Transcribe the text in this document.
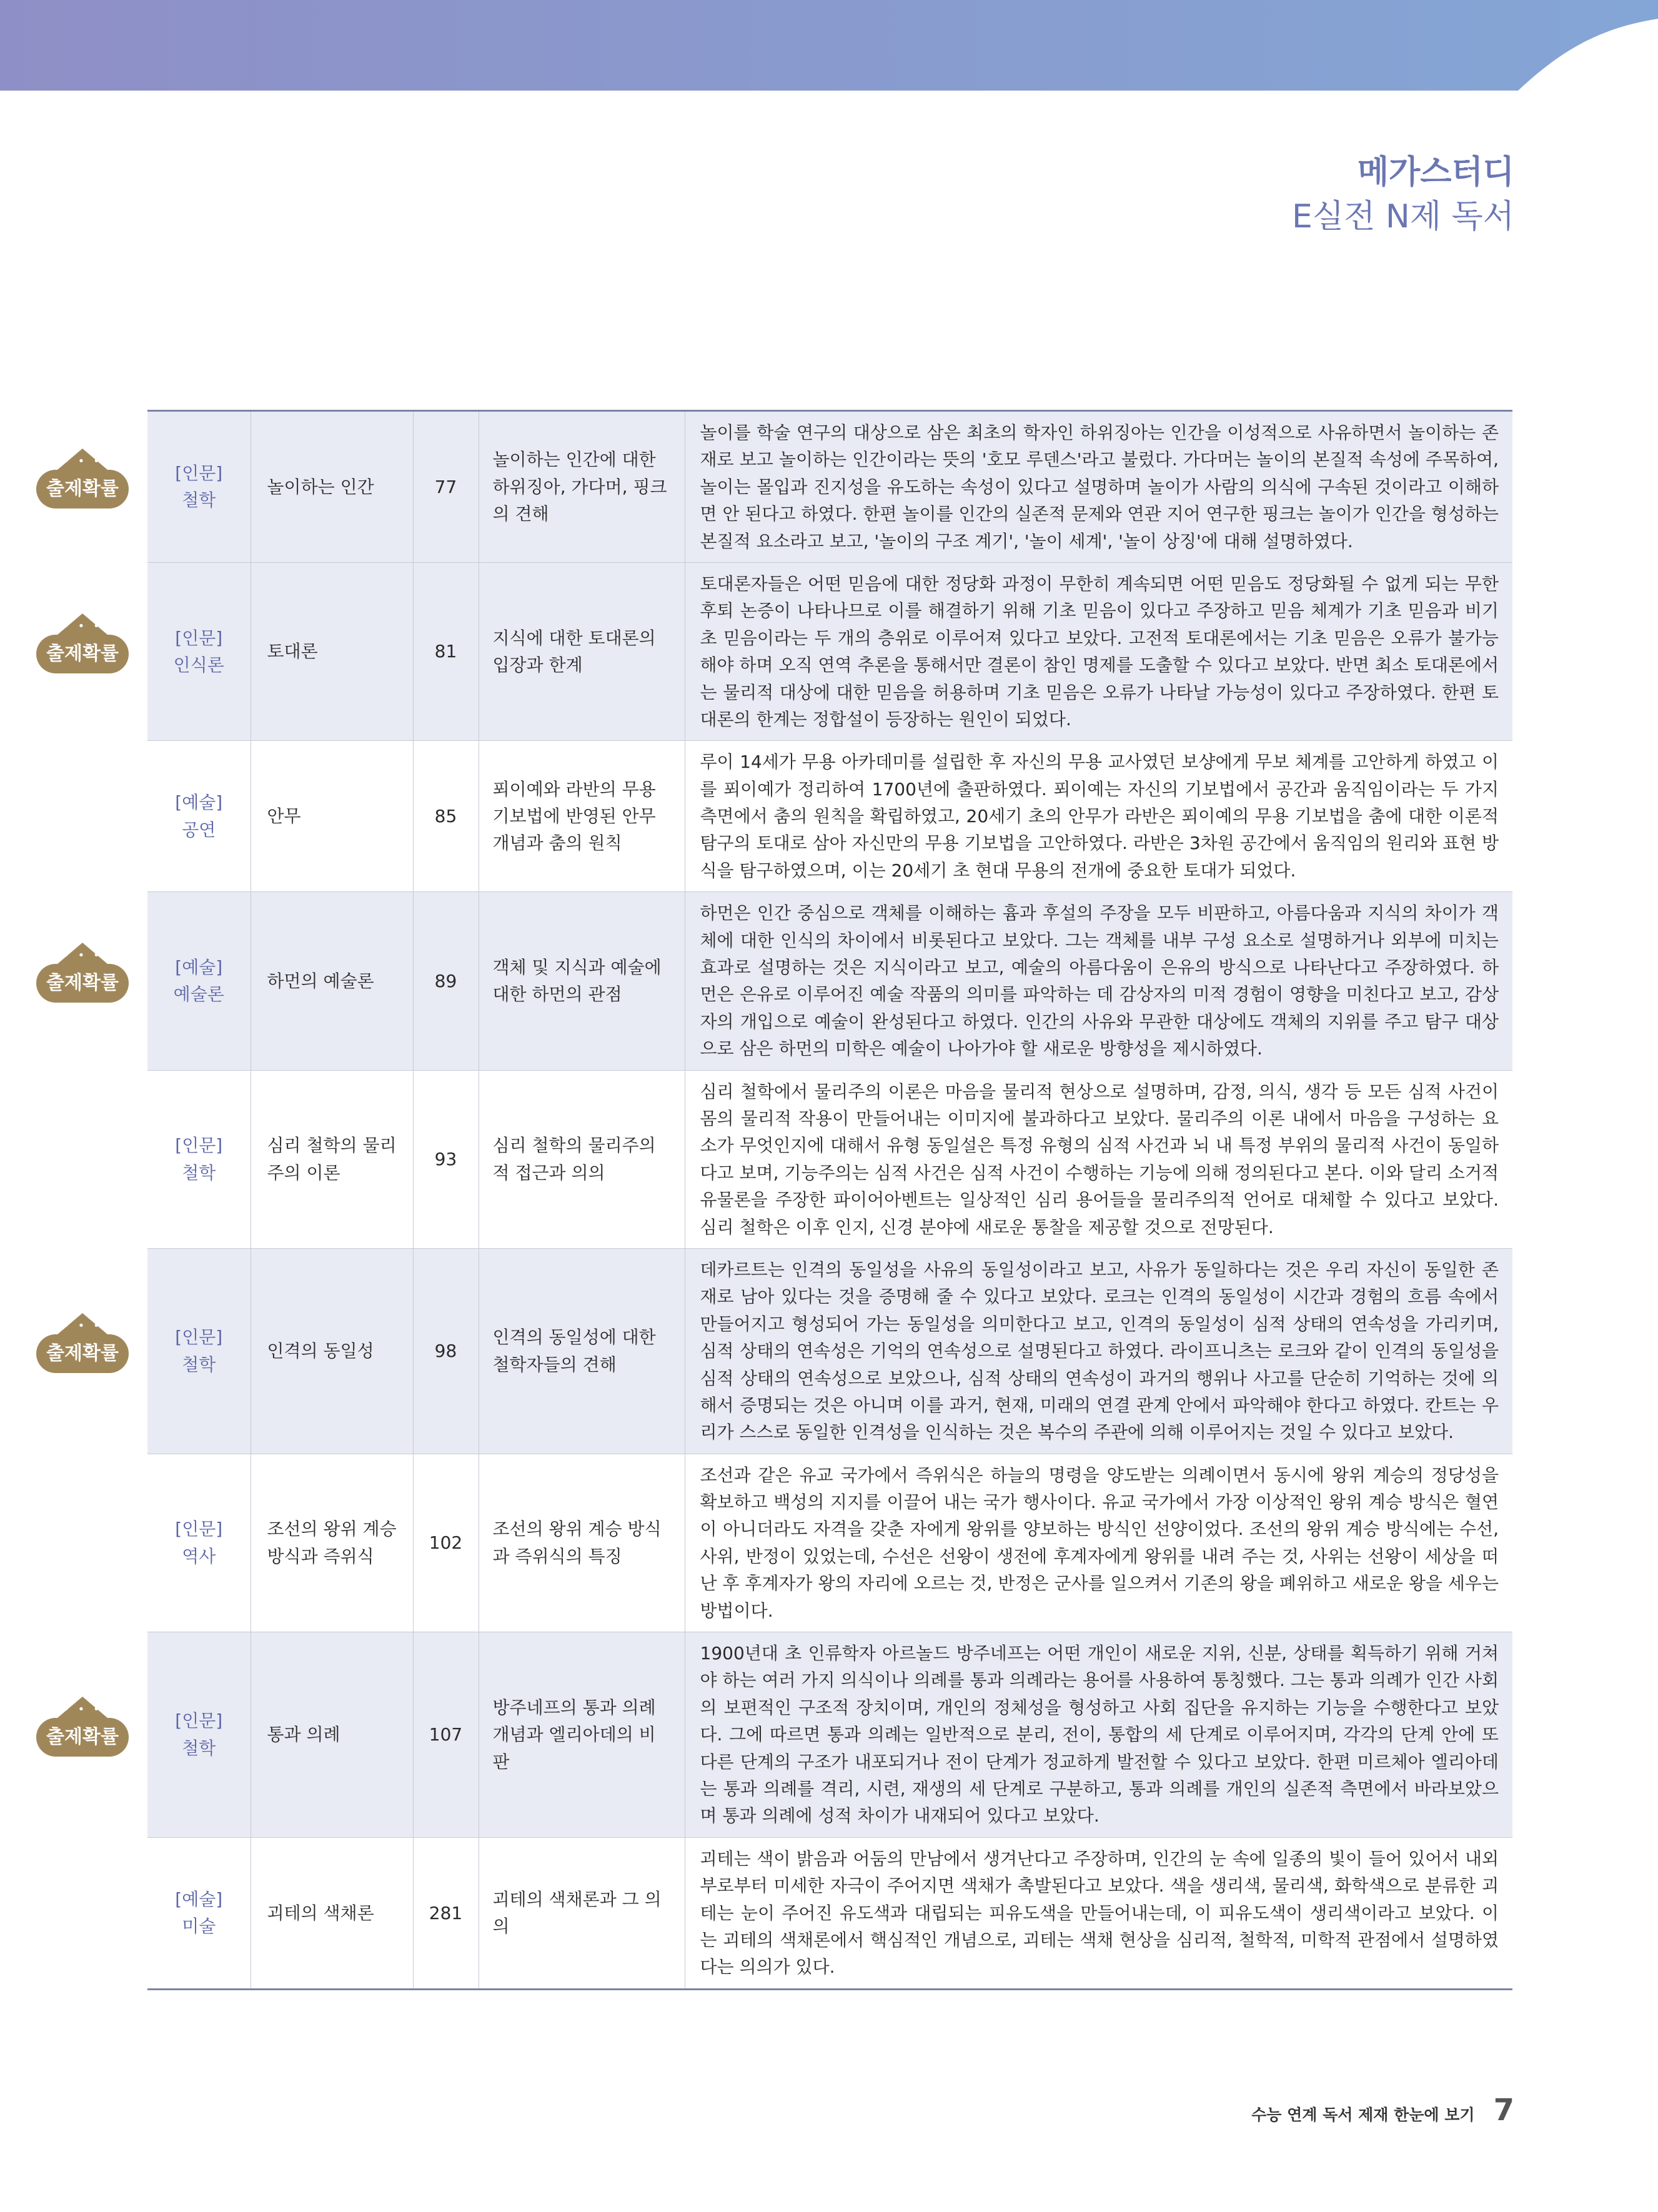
메가스터디
E실전 N제 독서
[인문]
철학	놀이하는 인간	77	놀이하는 인간에 대한 하위징아, 가다머, 핑크의 견해	놀이를 학술 연구의 대상으로 삼은 최초의 학자인 하위징아는 인간을 이성적으로 사유하면서 놀이하는 존재로 보고 놀이하는 인간이라는 뜻의 '호모 루덴스'라고 불렀다. 가다머는 놀이의 본질적 속성에 주목하여, 놀이는 몰입과 진지성을 유도하는 속성이 있다고 설명하며 놀이가 사람의 의식에 구속된 것이라고 이해하면 안 된다고 하였다. 한편 놀이를 인간의 실존적 문제와 연관 지어 연구한 핑크는 놀이가 인간을 형성하는 본질적 요소라고 보고, '놀이의 구조 계기', '놀이 세계', '놀이 상징'에 대해 설명하였다.

[인문]
인식론	토대론	81	지식에 대한 토대론의 입장과 한계	토대론자들은 어떤 믿음에 대한 정당화 과정이 무한히 계속되면 어떤 믿음도 정당화될 수 없게 되는 무한 후퇴 논증이 나타나므로 이를 해결하기 위해 기초 믿음이 있다고 주장하고 믿음 체계가 기초 믿음과 비기초 믿음이라는 두 개의 층위로 이루어져 있다고 보았다. 고전적 토대론에서는 기초 믿음은 오류가 불가능해야 하며 오직 연역 추론을 통해서만 결론이 참인 명제를 도출할 수 있다고 보았다. 반면 최소 토대론에서는 물리적 대상에 대한 믿음을 허용하며 기초 믿음은 오류가 나타날 가능성이 있다고 주장하였다. 한편 토대론의 한계는 정합설이 등장하는 원인이 되었다.

[예술]
공연	안무	85	푀이예와 라반의 무용 기보법에 반영된 안무 개념과 춤의 원칙	루이 14세가 무용 아카데미를 설립한 후 자신의 무용 교사였던 보샹에게 무보 체계를 고안하게 하였고 이를 푀이예가 정리하여 1700년에 출판하였다. 푀이예는 자신의 기보법에서 공간과 움직임이라는 두 가지 측면에서 춤의 원칙을 확립하였고, 20세기 초의 안무가 라반은 푀이예의 무용 기보법을 춤에 대한 이론적 탐구의 토대로 삼아 자신만의 무용 기보법을 고안하였다. 라반은 3차원 공간에서 움직임의 원리와 표현 방식을 탐구하였으며, 이는 20세기 초 현대 무용의 전개에 중요한 토대가 되었다.

[예술]
예술론	하먼의 예술론	89	객체 및 지식과 예술에 대한 하먼의 관점	하먼은 인간 중심으로 객체를 이해하는 흄과 후설의 주장을 모두 비판하고, 아름다움과 지식의 차이가 객체에 대한 인식의 차이에서 비롯된다고 보았다. 그는 객체를 내부 구성 요소로 설명하거나 외부에 미치는 효과로 설명하는 것은 지식이라고 보고, 예술의 아름다움이 은유의 방식으로 나타난다고 주장하였다. 하먼은 은유로 이루어진 예술 작품의 의미를 파악하는 데 감상자의 미적 경험이 영향을 미친다고 보고, 감상자의 개입으로 예술이 완성된다고 하였다. 인간의 사유와 무관한 대상에도 객체의 지위를 주고 탐구 대상으로 삼은 하먼의 미학은 예술이 나아가야 할 새로운 방향성을 제시하였다.

[인문]
철학	심리 철학의 물리주의 이론	93	심리 철학의 물리주의적 접근과 의의	심리 철학에서 물리주의 이론은 마음을 물리적 현상으로 설명하며, 감정, 의식, 생각 등 모든 심적 사건이 몸의 물리적 작용이 만들어내는 이미지에 불과하다고 보았다. 물리주의 이론 내에서 마음을 구성하는 요소가 무엇인지에 대해서 유형 동일설은 특정 유형의 심적 사건과 뇌 내 특정 부위의 물리적 사건이 동일하다고 보며, 기능주의는 심적 사건은 심적 사건이 수행하는 기능에 의해 정의된다고 본다. 이와 달리 소거적 유물론을 주장한 파이어아벤트는 일상적인 심리 용어들을 물리주의적 언어로 대체할 수 있다고 보았다. 심리 철학은 이후 인지, 신경 분야에 새로운 통찰을 제공할 것으로 전망된다.

[인문]
철학	인격의 동일성	98	인격의 동일성에 대한 철학자들의 견해	데카르트는 인격의 동일성을 사유의 동일성이라고 보고, 사유가 동일하다는 것은 우리 자신이 동일한 존재로 남아 있다는 것을 증명해 줄 수 있다고 보았다. 로크는 인격의 동일성이 시간과 경험의 흐름 속에서 만들어지고 형성되어 가는 동일성을 의미한다고 보고, 인격의 동일성이 심적 상태의 연속성을 가리키며, 심적 상태의 연속성은 기억의 연속성으로 설명된다고 하였다. 라이프니츠는 로크와 같이 인격의 동일성을 심적 상태의 연속성으로 보았으나, 심적 상태의 연속성이 과거의 행위나 사고를 단순히 기억하는 것에 의해서 증명되는 것은 아니며 이를 과거, 현재, 미래의 연결 관계 안에서 파악해야 한다고 하였다. 칸트는 우리가 스스로 동일한 인격성을 인식하는 것은 복수의 주관에 의해 이루어지는 것일 수 있다고 보았다.

[인문]
역사	조선의 왕위 계승 방식과 즉위식	102	조선의 왕위 계승 방식과 즉위식의 특징	조선과 같은 유교 국가에서 즉위식은 하늘의 명령을 양도받는 의례이면서 동시에 왕위 계승의 정당성을 확보하고 백성의 지지를 이끌어 내는 국가 행사이다. 유교 국가에서 가장 이상적인 왕위 계승 방식은 혈연이 아니더라도 자격을 갖춘 자에게 왕위를 양보하는 방식인 선양이었다. 조선의 왕위 계승 방식에는 수선, 사위, 반정이 있었는데, 수선은 선왕이 생전에 후계자에게 왕위를 내려 주는 것, 사위는 선왕이 세상을 떠난 후 후계자가 왕의 자리에 오르는 것, 반정은 군사를 일으켜서 기존의 왕을 폐위하고 새로운 왕을 세우는 방법이다.

[인문]
철학	통과 의례	107	방주네프의 통과 의례 개념과 엘리아데의 비판	1900년대 초 인류학자 아르놀드 방주네프는 어떤 개인이 새로운 지위, 신분, 상태를 획득하기 위해 거쳐야 하는 여러 가지 의식이나 의례를 통과 의례라는 용어를 사용하여 통칭했다. 그는 통과 의례가 인간 사회의 보편적인 구조적 장치이며, 개인의 정체성을 형성하고 사회 집단을 유지하는 기능을 수행한다고 보았다. 그에 따르면 통과 의례는 일반적으로 분리, 전이, 통합의 세 단계로 이루어지며, 각각의 단계 안에 또 다른 단계의 구조가 내포되거나 전이 단계가 정교하게 발전할 수 있다고 보았다. 한편 미르체아 엘리아데는 통과 의례를 격리, 시련, 재생의 세 단계로 구분하고, 통과 의례를 개인의 실존적 측면에서 바라보았으며 통과 의례에 성적 차이가 내재되어 있다고 보았다.

[예술]
미술	괴테의 색채론	281	괴테의 색채론과 그 의의	괴테는 색이 밝음과 어둠의 만남에서 생겨난다고 주장하며, 인간의 눈 속에 일종의 빛이 들어 있어서 내외부로부터 미세한 자극이 주어지면 색채가 촉발된다고 보았다. 색을 생리색, 물리색, 화학색으로 분류한 괴테는 눈이 주어진 유도색과 대립되는 피유도색을 만들어내는데, 이 피유도색이 생리색이라고 보았다. 이는 괴테의 색채론에서 핵심적인 개념으로, 괴테는 색채 현상을 심리적, 철학적, 미학적 관점에서 설명하였다는 의의가 있다.
• • •
출제확률
• • •
출제확률
• • •
출제확률
• • •
출제확률
• • •
출제확률
수능 연계 독서 제재 한눈에 보기 7
